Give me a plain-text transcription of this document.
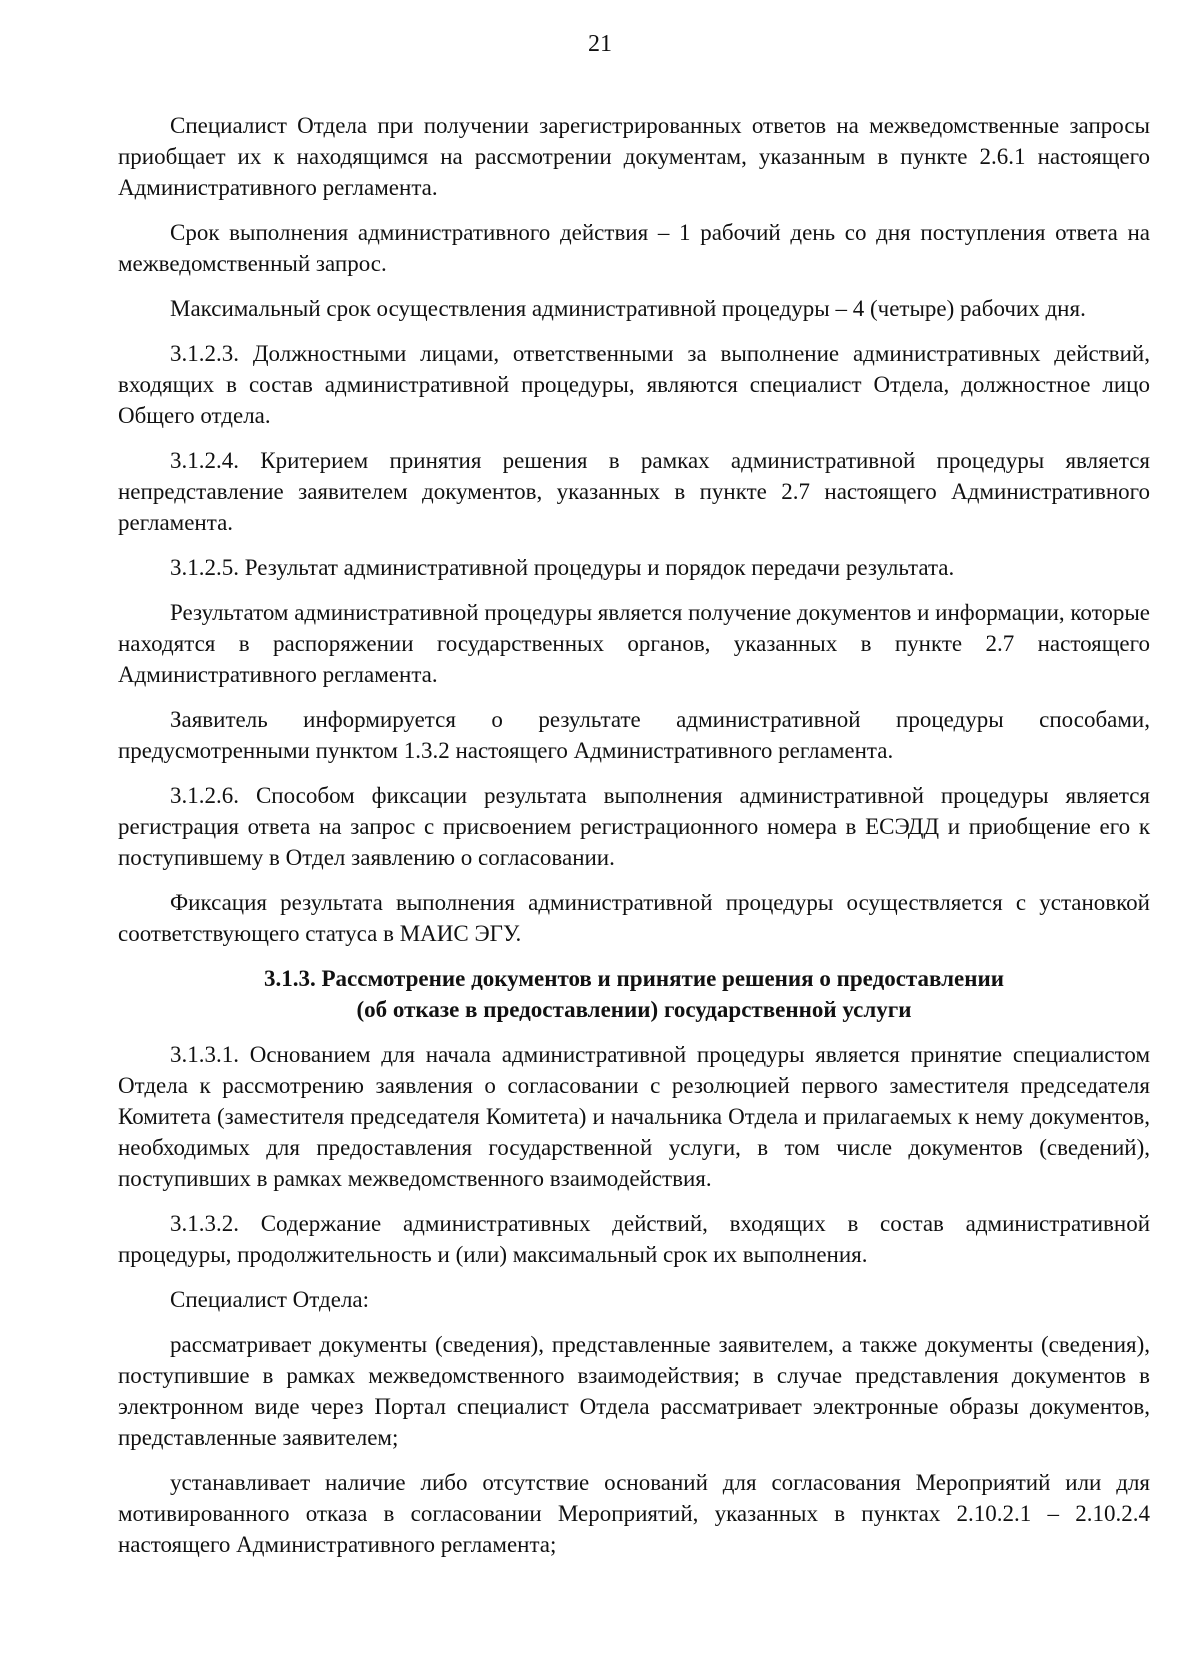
21

Специалист Отдела при получении зарегистрированных ответов на межведомственные запросы приобщает их к находящимся на рассмотрении документам, указанным в пункте 2.6.1 настоящего Административного регламента.

Срок выполнения административного действия – 1 рабочий день со дня поступления ответа на межведомственный запрос.

Максимальный срок осуществления административной процедуры – 4 (четыре) рабочих дня.

3.1.2.3. Должностными лицами, ответственными за выполнение административных действий, входящих в состав административной процедуры, являются специалист Отдела, должностное лицо Общего отдела.

3.1.2.4. Критерием принятия решения в рамках административной процедуры является непредставление заявителем документов, указанных в пункте 2.7 настоящего Административного регламента.

3.1.2.5. Результат административной процедуры и порядок передачи результата.

Результатом административной процедуры является получение документов и информации, которые находятся в распоряжении государственных органов, указанных в пункте 2.7 настоящего Административного регламента.

Заявитель информируется о результате административной процедуры способами, предусмотренными пунктом 1.3.2 настоящего Административного регламента.

3.1.2.6. Способом фиксации результата выполнения административной процедуры является регистрация ответа на запрос с присвоением регистрационного номера в ЕСЭДД и приобщение его к поступившему в Отдел заявлению о согласовании.

Фиксация результата выполнения административной процедуры осуществляется с установкой соответствующего статуса в МАИС ЭГУ.

3.1.3. Рассмотрение документов и принятие решения о предоставлении
(об отказе в предоставлении) государственной услуги

3.1.3.1. Основанием для начала административной процедуры является принятие специалистом Отдела к рассмотрению заявления о согласовании с резолюцией первого заместителя председателя Комитета (заместителя председателя Комитета) и начальника Отдела и прилагаемых к нему документов, необходимых для предоставления государственной услуги, в том числе документов (сведений), поступивших в рамках межведомственного взаимодействия.

3.1.3.2. Содержание административных действий, входящих в состав административной процедуры, продолжительность и (или) максимальный срок их выполнения.

Специалист Отдела:

рассматривает документы (сведения), представленные заявителем, а также документы (сведения), поступившие в рамках межведомственного взаимодействия; в случае представления документов в электронном виде через Портал специалист Отдела рассматривает электронные образы документов, представленные заявителем;

устанавливает наличие либо отсутствие оснований для согласования Мероприятий или для мотивированного отказа в согласовании Мероприятий, указанных в пунктах 2.10.2.1 – 2.10.2.4 настоящего Административного регламента;
